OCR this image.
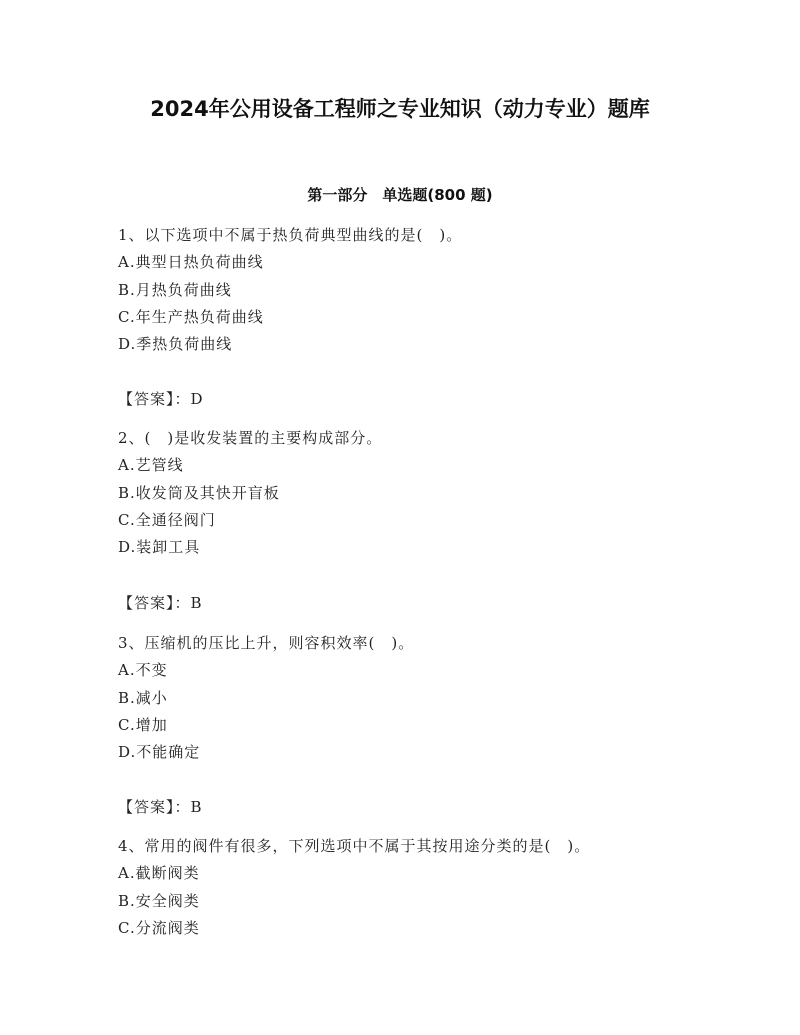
2024年公用设备工程师之专业知识（动力专业）题库
第一部分　单选题(800 题)
1、以下选项中不属于热负荷典型曲线的是(　)。
A.典型日热负荷曲线
B.月热负荷曲线
C.年生产热负荷曲线
D.季热负荷曲线
【答案】：D
2、(　)是收发装置的主要构成部分。
A.艺管线
B.收发筒及其快开盲板
C.全通径阀门
D.装卸工具
【答案】：B
3、压缩机的压比上升，则容积效率(　)。
A.不变
B.减小
C.增加
D.不能确定
【答案】：B
4、常用的阀件有很多，下列选项中不属于其按用途分类的是(　)。
A.截断阀类
B.安全阀类
C.分流阀类
